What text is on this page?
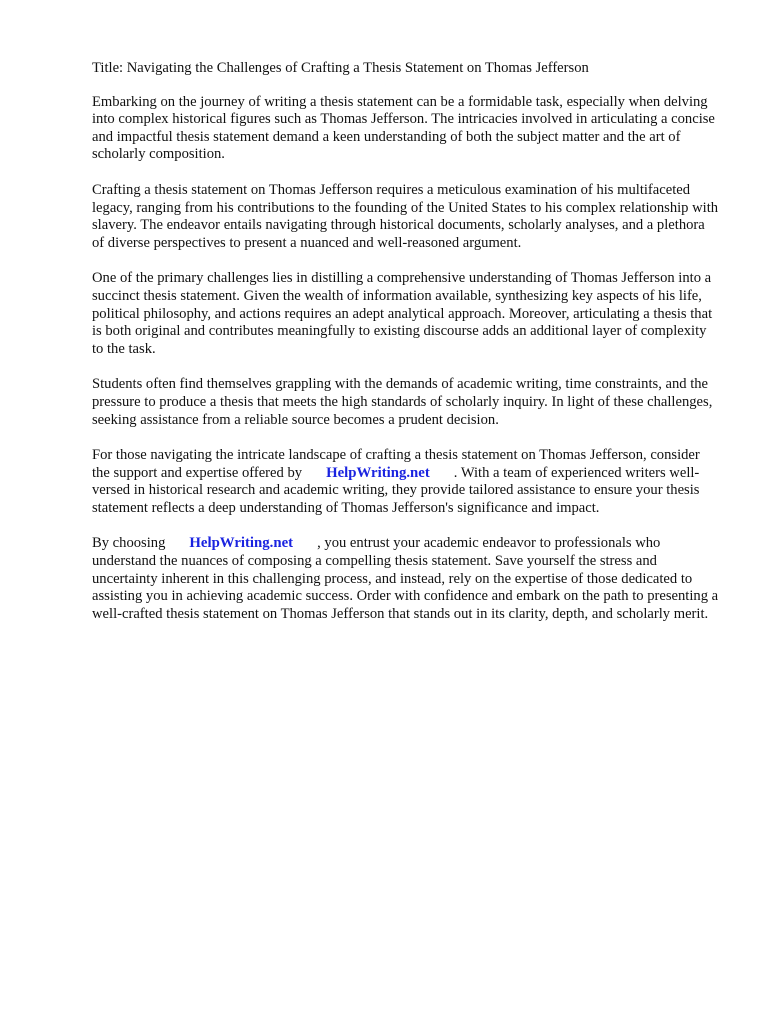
Title: Navigating the Challenges of Crafting a Thesis Statement on Thomas Jefferson

Embarking on the journey of writing a thesis statement can be a formidable task, especially when delving into complex historical figures such as Thomas Jefferson. The intricacies involved in articulating a concise and impactful thesis statement demand a keen understanding of both the subject matter and the art of scholarly composition.

Crafting a thesis statement on Thomas Jefferson requires a meticulous examination of his multifaceted legacy, ranging from his contributions to the founding of the United States to his complex relationship with slavery. The endeavor entails navigating through historical documents, scholarly analyses, and a plethora of diverse perspectives to present a nuanced and well-reasoned argument.

One of the primary challenges lies in distilling a comprehensive understanding of Thomas Jefferson into a succinct thesis statement. Given the wealth of information available, synthesizing key aspects of his life, political philosophy, and actions requires an adept analytical approach. Moreover, articulating a thesis that is both original and contributes meaningfully to existing discourse adds an additional layer of complexity to the task.

Students often find themselves grappling with the demands of academic writing, time constraints, and the pressure to produce a thesis that meets the high standards of scholarly inquiry. In light of these challenges, seeking assistance from a reliable source becomes a prudent decision.

For those navigating the intricate landscape of crafting a thesis statement on Thomas Jefferson, consider the support and expertise offered by HelpWriting.net . With a team of experienced writers well-versed in historical research and academic writing, they provide tailored assistance to ensure your thesis statement reflects a deep understanding of Thomas Jefferson's significance and impact.

By choosing HelpWriting.net , you entrust your academic endeavor to professionals who understand the nuances of composing a compelling thesis statement. Save yourself the stress and uncertainty inherent in this challenging process, and instead, rely on the expertise of those dedicated to assisting you in achieving academic success. Order with confidence and embark on the path to presenting a well-crafted thesis statement on Thomas Jefferson that stands out in its clarity, depth, and scholarly merit.
